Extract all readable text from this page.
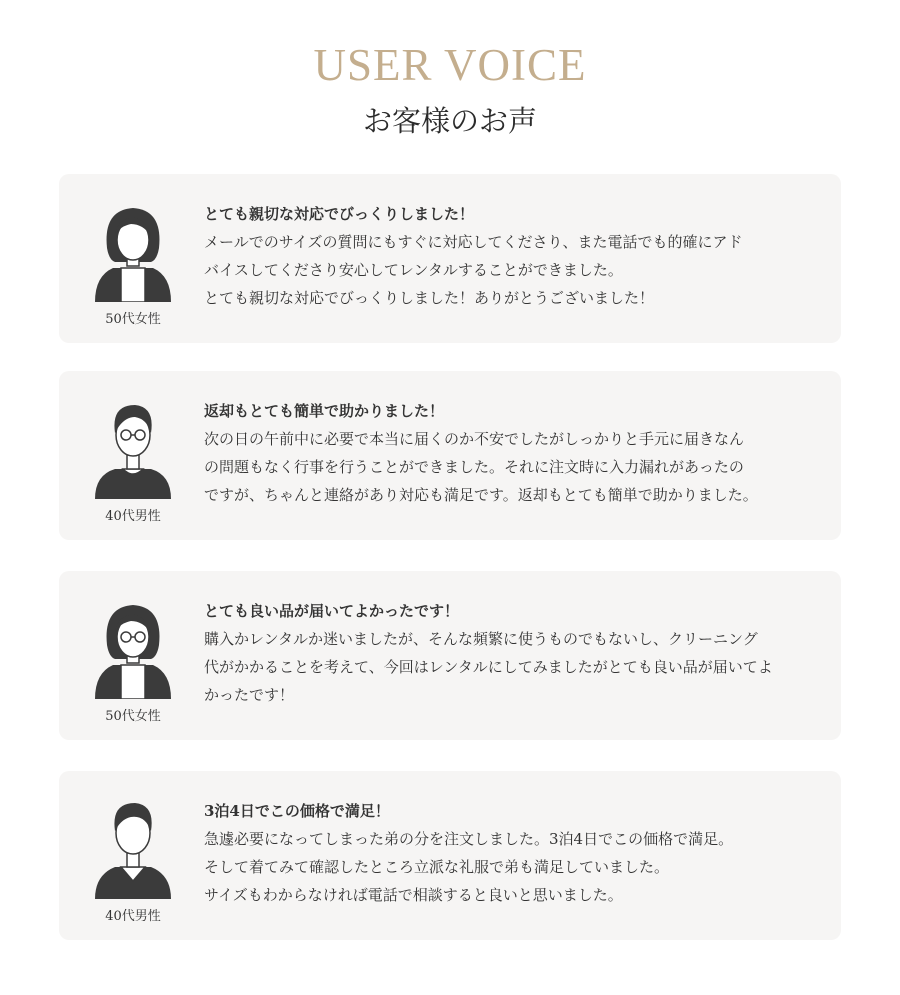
USER VOICE
お客様のお声
50代女性
とても親切な対応でびっくりしました！
メールでのサイズの質問にもすぐに対応してくださり、また電話でも的確にアド
バイスしてくださり安心してレンタルすることができました。
とても親切な対応でびっくりしました！ありがとうございました！
40代男性
返却もとても簡単で助かりました！
次の日の午前中に必要で本当に届くのか不安でしたがしっかりと手元に届きなん
の問題もなく行事を行うことができました。それに注文時に入力漏れがあったの
ですが、ちゃんと連絡があり対応も満足です。返却もとても簡単で助かりました。
50代女性
とても良い品が届いてよかったです！
購入かレンタルか迷いましたが、そんな頻繁に使うものでもないし、クリーニング
代がかかることを考えて、今回はレンタルにしてみましたがとても良い品が届いてよ
かったです！
40代男性
3泊4日でこの価格で満足！
急遽必要になってしまった弟の分を注文しました。3泊4日でこの価格で満足。
そして着てみて確認したところ立派な礼服で弟も満足していました。
サイズもわからなければ電話で相談すると良いと思いました。
